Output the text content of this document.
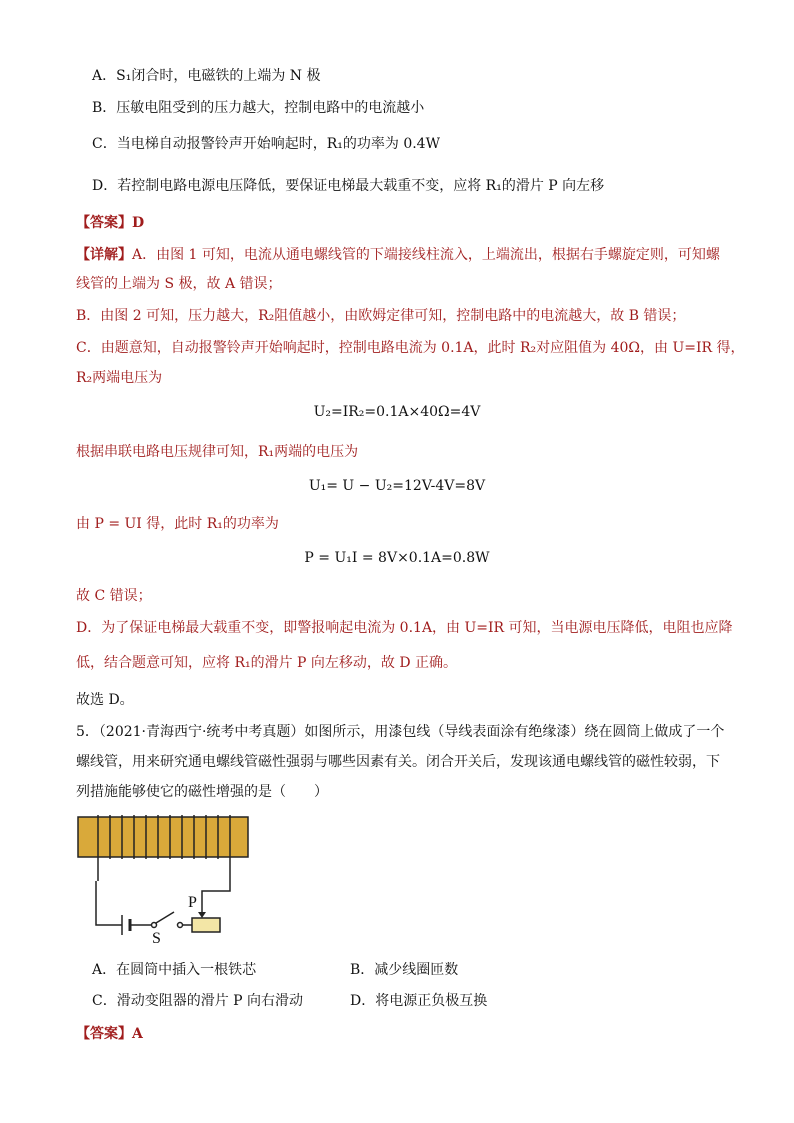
A．S₁闭合时，电磁铁的上端为 N 极
B．压敏电阻受到的压力越大，控制电路中的电流越小
C．当电梯自动报警铃声开始响起时，R₁的功率为 0.4W
D．若控制电路电源电压降低，要保证电梯最大载重不变，应将 R₁的滑片 P 向左移
【答案】D
【详解】A．由图 1 可知，电流从通电螺线管的下端接线柱流入，上端流出，根据右手螺旋定则，可知螺
线管的上端为 S 极，故 A 错误；
B．由图 2 可知，压力越大，R₂阻值越小，由欧姆定律可知，控制电路中的电流越大，故 B 错误；
C．由题意知，自动报警铃声开始响起时，控制电路电流为 0.1A，此时 R₂对应阻值为 40Ω，由 U=IR 得，
R₂两端电压为
U₂=IR₂=0.1A×40Ω=4V
根据串联电路电压规律可知，R₁两端的电压为
U₁= U − U₂=12V-4V=8V
由 P = UI 得，此时 R₁的功率为
P = U₁I = 8V×0.1A=0.8W
故 C 错误；
D．为了保证电梯最大载重不变，即警报响起电流为 0.1A，由 U=IR 可知，当电源电压降低，电阻也应降
低，结合题意可知，应将 R₁的滑片 P 向左移动，故 D 正确。
故选 D。
5．（2021·青海西宁·统考中考真题）如图所示，用漆包线（导线表面涂有绝缘漆）绕在圆筒上做成了一个
螺线管，用来研究通电螺线管磁性强弱与哪些因素有关。闭合开关后，发现该通电螺线管的磁性较弱，下
列措施能够使它的磁性增强的是（　　）
P
S
A．在圆筒中插入一根铁芯	B．减少线圈匝数
C．滑动变阻器的滑片 P 向右滑动	D．将电源正负极互换
【答案】A
